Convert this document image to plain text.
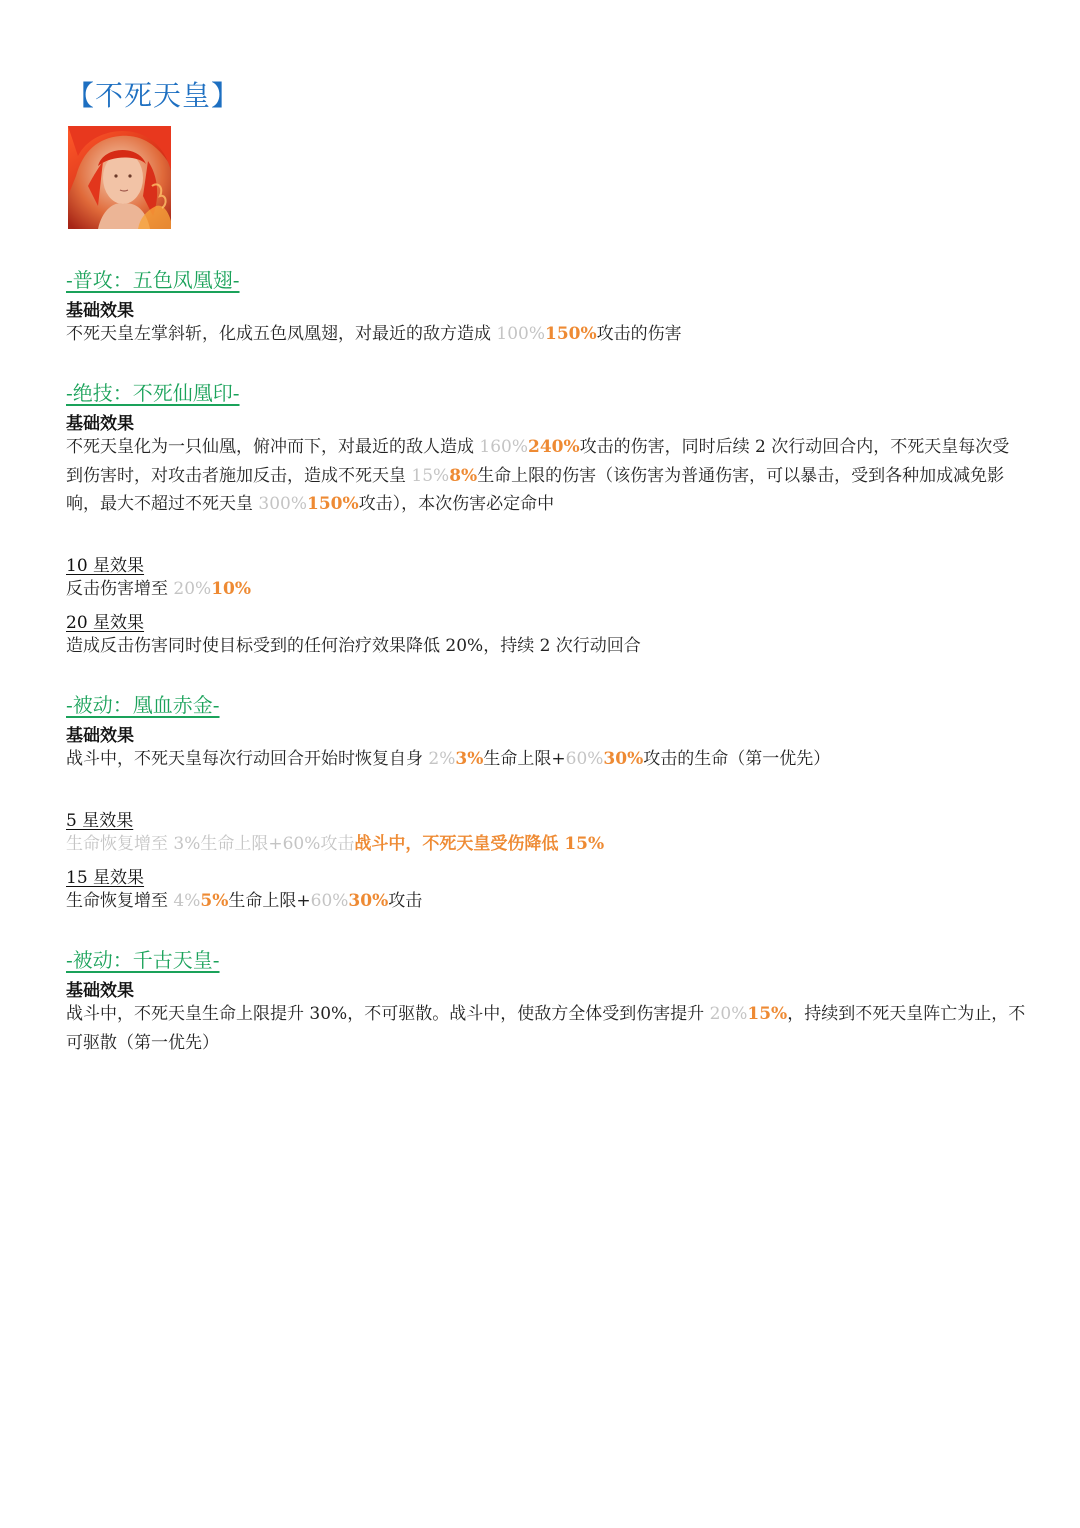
【不死天皇】
-普攻：五色凤凰翅-
基础效果
不死天皇左掌斜斩，化成五色凤凰翅，对最近的敌方造成 100%150%攻击的伤害
-绝技：不死仙凰印-
基础效果
不死天皇化为一只仙凰，俯冲而下，对最近的敌人造成 160%240%攻击的伤害，同时后续 2 次行动回合内，不死天皇每次受到伤害时，对攻击者施加反击，造成不死天皇 15%8%生命上限的伤害（该伤害为普通伤害，可以暴击，受到各种加成减免影响，最大不超过不死天皇 300%150%攻击），本次伤害必定命中
10 星效果
反击伤害增至 20%10%
20 星效果
造成反击伤害同时使目标受到的任何治疗效果降低 20%，持续 2 次行动回合
-被动：凰血赤金-
基础效果
战斗中，不死天皇每次行动回合开始时恢复自身 2%3%生命上限+60%30%攻击的生命（第一优先）
5 星效果
生命恢复增至 3%生命上限+60%攻击战斗中，不死天皇受伤降低 15%
15 星效果
生命恢复增至 4%5%生命上限+60%30%攻击
-被动：千古天皇-
基础效果
战斗中，不死天皇生命上限提升 30%，不可驱散。战斗中，使敌方全体受到伤害提升 20%15%，持续到不死天皇阵亡为止，不可驱散（第一优先）
